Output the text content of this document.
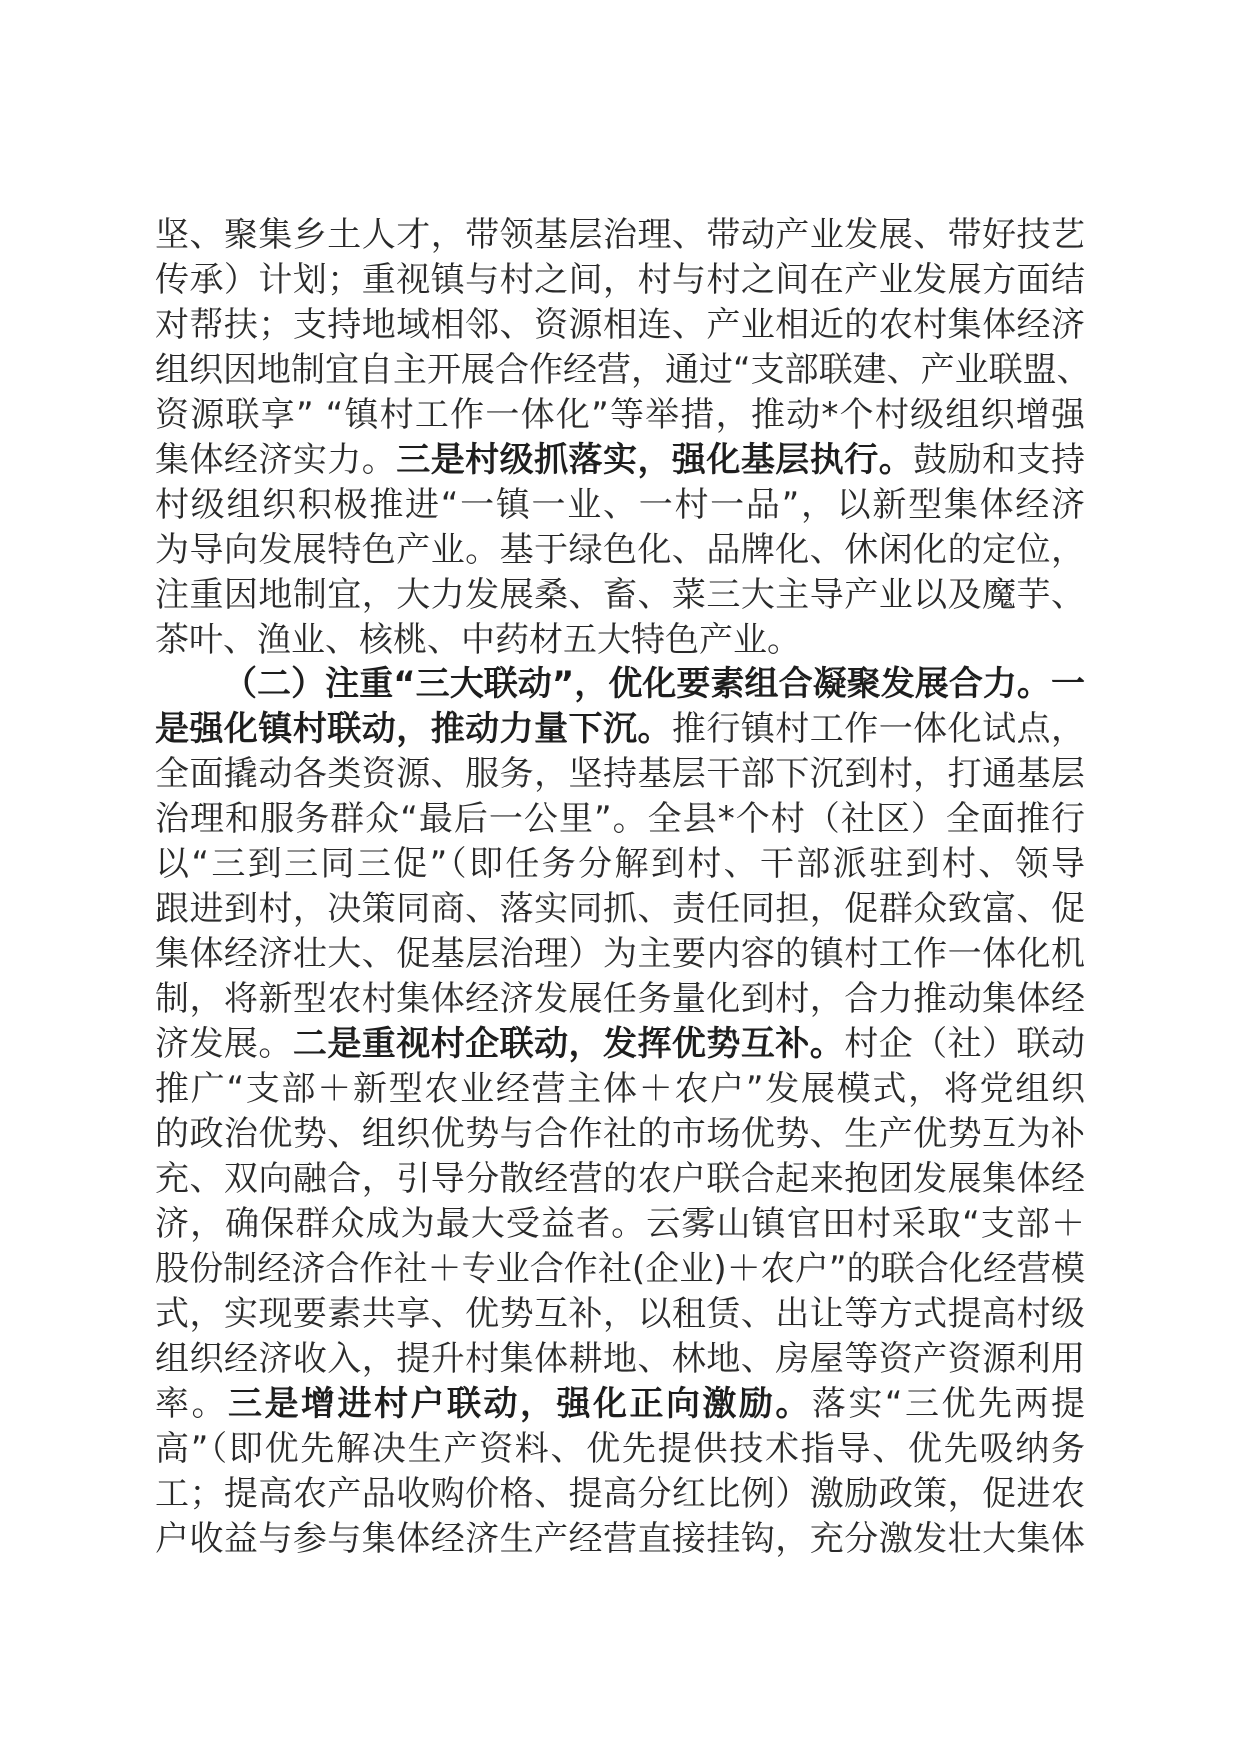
坚、聚集乡土人才，带领基层治理、带动产业发展、带好技艺
传承）计划；重视镇与村之间，村与村之间在产业发展方面结
对帮扶；支持地域相邻、资源相连、产业相近的农村集体经济
组织因地制宜自主开展合作经营，通过“支部联建、产业联盟、
资源联享” “镇村工作一体化”等举措，推动*个村级组织增强
集体经济实力。三是村级抓落实，强化基层执行。鼓励和支持
村级组织积极推进“一镇一业、一村一品”，以新型集体经济
为导向发展特色产业。基于绿色化、品牌化、休闲化的定位，
注重因地制宜，大力发展桑、畜、菜三大主导产业以及魔芋、
茶叶、渔业、核桃、中药材五大特色产业。
（二）注重“三大联动”，优化要素组合凝聚发展合力。一
是强化镇村联动，推动力量下沉。推行镇村工作一体化试点，
全面撬动各类资源、服务，坚持基层干部下沉到村，打通基层
治理和服务群众“最后一公里”。全县*个村（社区）全面推行
以“三到三同三促”（即任务分解到村、干部派驻到村、领导
跟进到村，决策同商、落实同抓、责任同担，促群众致富、促
集体经济壮大、促基层治理）为主要内容的镇村工作一体化机
制，将新型农村集体经济发展任务量化到村，合力推动集体经
济发展。二是重视村企联动，发挥优势互补。村企（社）联动
推广“支部＋新型农业经营主体＋农户”发展模式，将党组织
的政治优势、组织优势与合作社的市场优势、生产优势互为补
充、双向融合，引导分散经营的农户联合起来抱团发展集体经
济，确保群众成为最大受益者。云雾山镇官田村采取“支部＋
股份制经济合作社＋专业合作社(企业)＋农户”的联合化经营模
式，实现要素共享、优势互补，以租赁、出让等方式提高村级
组织经济收入，提升村集体耕地、林地、房屋等资产资源利用
率。三是增进村户联动，强化正向激励。落实“三优先两提
高”（即优先解决生产资料、优先提供技术指导、优先吸纳务
工；提高农产品收购价格、提高分红比例）激励政策，促进农
户收益与参与集体经济生产经营直接挂钩，充分激发壮大集体
